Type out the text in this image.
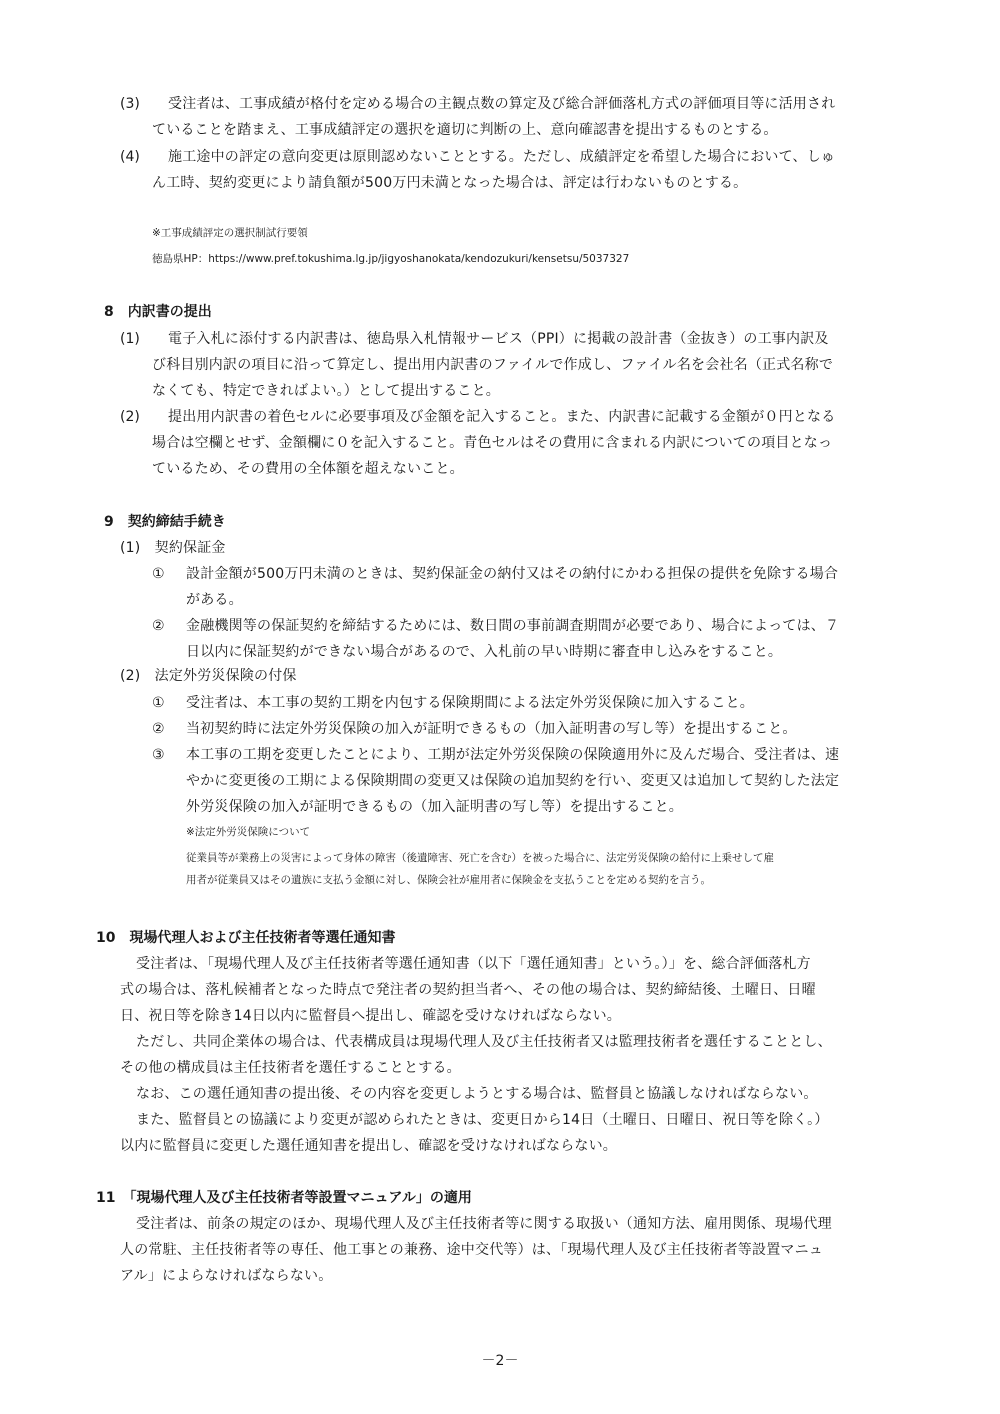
(3) 受注者は、工事成績が格付を定める場合の主観点数の算定及び総合評価落札方式の評価項目等に活用され
ていることを踏まえ、工事成績評定の選択を適切に判断の上、意向確認書を提出するものとする。
(4) 施工途中の評定の意向変更は原則認めないこととする。ただし、成績評定を希望した場合において、しゅ
ん工時、契約変更により請負額が500万円未満となった場合は、評定は行わないものとする。
※工事成績評定の選択制試行要領
徳島県HP：https://www.pref.tokushima.lg.jp/jigyoshanokata/kendozukuri/kensetsu/5037327
8　内訳書の提出
(1) 電子入札に添付する内訳書は、徳島県入札情報サービス（PPI）に掲載の設計書（金抜き）の工事内訳及
び科目別内訳の項目に沿って算定し、提出用内訳書のファイルで作成し、ファイル名を会社名（正式名称で
なくても、特定できればよい。）として提出すること。
(2) 提出用内訳書の着色セルに必要事項及び金額を記入すること。また、内訳書に記載する金額が０円となる
場合は空欄とせず、金額欄に０を記入すること。青色セルはその費用に含まれる内訳についての項目となっ
ているため、その費用の全体額を超えないこと。
9　契約締結手続き
(1)　契約保証金
① 設計金額が500万円未満のときは、契約保証金の納付又はその納付にかわる担保の提供を免除する場合
がある。
② 金融機関等の保証契約を締結するためには、数日間の事前調査期間が必要であり、場合によっては、７
日以内に保証契約ができない場合があるので、入札前の早い時期に審査申し込みをすること。
(2)　法定外労災保険の付保
① 受注者は、本工事の契約工期を内包する保険期間による法定外労災保険に加入すること。
② 当初契約時に法定外労災保険の加入が証明できるもの（加入証明書の写し等）を提出すること。
③ 本工事の工期を変更したことにより、工期が法定外労災保険の保険適用外に及んだ場合、受注者は、速
やかに変更後の工期による保険期間の変更又は保険の追加契約を行い、変更又は追加して契約した法定
外労災保険の加入が証明できるもの（加入証明書の写し等）を提出すること。
※法定外労災保険について
従業員等が業務上の災害によって身体の障害（後遺障害、死亡を含む）を被った場合に、法定労災保険の給付に上乗せして雇
用者が従業員又はその遺族に支払う金額に対し、保険会社が雇用者に保険金を支払うことを定める契約を言う。
10　現場代理人および主任技術者等選任通知書
受注者は、「現場代理人及び主任技術者等選任通知書（以下「選任通知書」という。）」を、総合評価落札方
式の場合は、落札候補者となった時点で発注者の契約担当者へ、その他の場合は、契約締結後、土曜日、日曜
日、祝日等を除き14日以内に監督員へ提出し、確認を受けなければならない。
ただし、共同企業体の場合は、代表構成員は現場代理人及び主任技術者又は監理技術者を選任することとし、
その他の構成員は主任技術者を選任することとする。
なお、この選任通知書の提出後、その内容を変更しようとする場合は、監督員と協議しなければならない。
また、監督員との協議により変更が認められたときは、変更日から14日（土曜日、日曜日、祝日等を除く。）
以内に監督員に変更した選任通知書を提出し、確認を受けなければならない。
11　「現場代理人及び主任技術者等設置マニュアル」の適用
受注者は、前条の規定のほか、現場代理人及び主任技術者等に関する取扱い（通知方法、雇用関係、現場代理
人の常駐、主任技術者等の専任、他工事との兼務、途中交代等）は、「現場代理人及び主任技術者等設置マニュ
アル」によらなければならない。
－2－
